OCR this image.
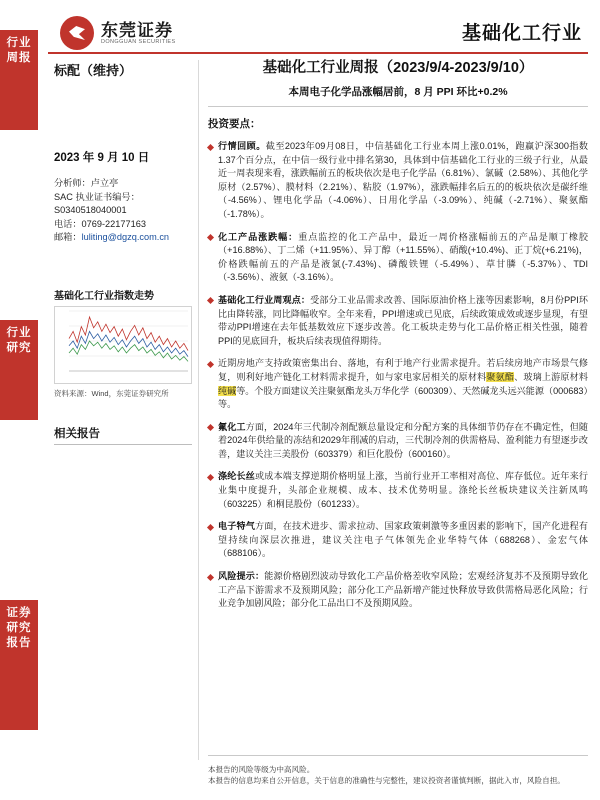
行业
周报
行业
研究
证券
研究
报告
东莞证券
DONGGUAN SECURITIES	基础化工行业
标配（维持）
2023 年 9 月 10 日
分析师：卢立亭
SAC 执业证书编号：
S0340518040001
电话：0769-22177163
邮箱：luliting@dgzq.com.cn
基础化工行业指数走势
资料来源：Wind，东莞证券研究所
相关报告
基础化工行业周报（2023/9/4-2023/9/10）
本周电子化学品涨幅居前，8 月 PPI 环比+0.2%
投资要点：
行情回顾。截至2023年09月08日，中信基础化工行业本周上涨0.01%，跑赢沪深300指数1.37个百分点，在中信一级行业中排名第30，具体到中信基础化工行业的三级子行业，从最近一周表现来看，涨跌幅前五的板块依次是电子化学品（6.81%）、氯碱（2.58%）、其他化学原材（2.57%）、膜材料（2.21%）、粘胶（1.97%），涨跌幅排名后五的的板块依次是碳纤维（-4.56%）、锂电化学品（-4.06%）、日用化学品（-3.09%）、纯碱（-2.71%）、聚氨酯（-1.78%）。
化工产品涨跌幅：重点监控的化工产品中，最近一周价格涨幅前五的产品是顺丁橡胶（+16.88%）、丁二烯（+11.95%）、异丁醇（+11.55%）、硝酸(+10.4%)、正丁烷(+6.21%)，价格跌幅前五的产品是液氯(-7.43%)、磷酸铁锂（-5.49%）、草甘膦（-5.37%）、TDI（-3.56%）、液氨（-3.16%）。
基础化工行业周观点：受部分工业品需求改善、国际原油价格上涨等因素影响，8月份PPI环比由降转涨，同比降幅收窄。全年来看，PPI增速或已见底，后续政策成效或逐步显现，有望带动PPI增速在去年低基数效应下逐步改善。化工板块走势与化工品价格正相关性强，随着PPI的见底回升，板块后续表现值得期待。
近期房地产支持政策密集出台、落地，有利于地产行业需求提升。若后续房地产市场景气修复，则利好地产链化工材料需求提升，如与家电家居相关的原材料聚氨酯、玻璃上游原材料纯碱等。个股方面建议关注聚氨酯龙头万华化学（600309）、天然碱龙头远兴能源（000683）等。
氟化工方面，2024年三代制冷剂配额总量设定和分配方案的具体细节仍存在不确定性，但随着2024年供给量的冻结和2029年削减的启动，三代制冷剂的供需格局、盈利能力有望逐步改善，建议关注三美股份（603379）和巨化股份（600160）。
涤纶长丝或成本端支撑逆期价格明显上涨，当前行业开工率相对高位、库存低位。近年来行业集中度提升，头部企业规模、成本、技术优势明显。涤纶长丝板块建议关注新凤鸣（603225）和桐昆股份（601233）。
电子特气方面，在技术进步、需求拉动、国家政策刺激等多重因素的影响下，国产化进程有望持续向深层次推进，建议关注电子气体领先企业华特气体（688268）、金宏气体（688106）。
风险提示：能源价格剧烈波动导致化工产品价格差收窄风险；宏观经济复苏不及预期导致化工产品下游需求不及预期风险；部分化工产品新增产能过快释放导致供需格局恶化风险；行业竞争加剧风险；部分化工品出口不及预期风险。
本报告的风险等级为中高风险。
本报告的信息均来自公开信息，关于信息的准确性与完整性，建议投资者谨慎判断，据此入市，风险自担。
